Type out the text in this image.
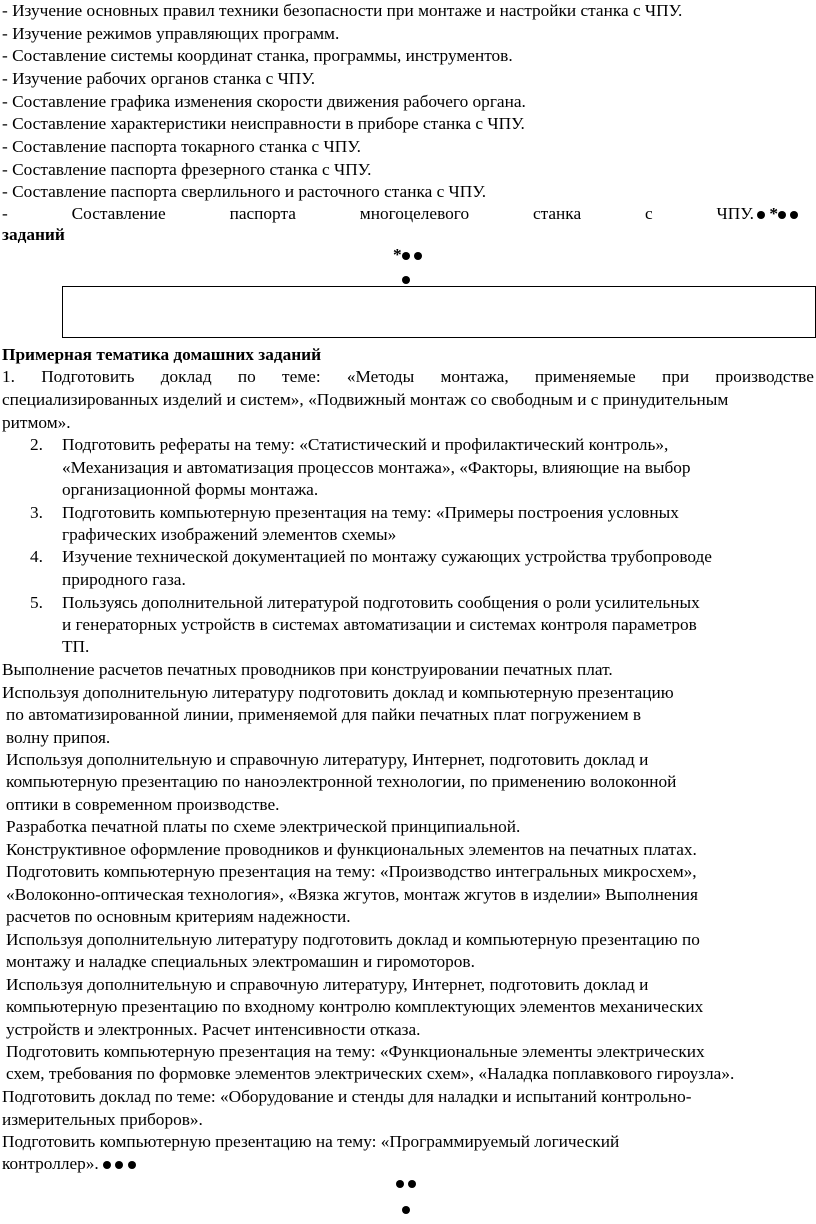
- Изучение основных правил техники безопасности при монтаже и настройки станка с ЧПУ.
- Изучение режимов управляющих программ.
- Составление системы координат станка, программы, инструментов.
- Изучение рабочих органов станка с ЧПУ.
- Составление графика изменения скорости движения рабочего органа.
- Составление характеристики неисправности в приборе станка с ЧПУ.
- Составление паспорта токарного станка с ЧПУ.
- Составление паспорта фрезерного станка с ЧПУ.
- Составление паспорта сверлильного и расточного станка с ЧПУ.
-	Составление	паспорта	многоцелевого	станка	с	ЧПУ. *
заданий
*
Примерная тематика домашних заданий
1. Подготовить доклад по теме: «Методы монтажа, применяемые при производстве
специализированных изделий и систем», «Подвижный монтаж со свободным и с принудительным
ритмом».
2. Подготовить рефераты на тему: «Статистический и профилактический контроль»,
«Механизация и автоматизация процессов монтажа», «Факторы, влияющие на выбор
организационной формы монтажа.
3. Подготовить компьютерную презентация на тему: «Примеры построения условных
графических изображений элементов схемы»
4. Изучение технической документацией по монтажу сужающих устройства трубопроводе
природного газа.
5. Пользуясь дополнительной литературой подготовить сообщения о роли усилительных
и генераторных устройств в системах автоматизации и системах контроля параметров
ТП.
Выполнение расчетов печатных проводников при конструировании печатных плат.
Используя дополнительную литературу подготовить доклад и компьютерную презентацию
по автоматизированной линии, применяемой для пайки печатных плат погружением в
волну припоя.
Используя дополнительную и справочную литературу, Интернет, подготовить доклад и
компьютерную презентацию по наноэлектронной технологии, по применению волоконной
оптики в современном производстве.
Разработка печатной платы по схеме электрической принципиальной.
Конструктивное оформление проводников и функциональных элементов на печатных платах.
Подготовить компьютерную презентация на тему: «Производство интегральных микросхем»,
«Волоконно-оптическая технология», «Вязка жгутов, монтаж жгутов в изделии» Выполнения
расчетов по основным критериям надежности.
Используя дополнительную литературу подготовить доклад и компьютерную презентацию по
монтажу и наладке специальных электромашин и гиромоторов.
Используя дополнительную и справочную литературу, Интернет, подготовить доклад и
компьютерную презентацию по входному контролю комплектующих элементов механических
устройств и электронных. Расчет интенсивности отказа.
Подготовить компьютерную презентация на тему: «Функциональные элементы электрических
схем, требования по формовке элементов электрических схем», «Наладка поплавкового гироузла».
Подготовить доклад по теме: «Оборудование и стенды для наладки и испытаний контрольно-
измерительных приборов».
Подготовить компьютерную презентацию на тему: «Программируемый логический
контроллер».
